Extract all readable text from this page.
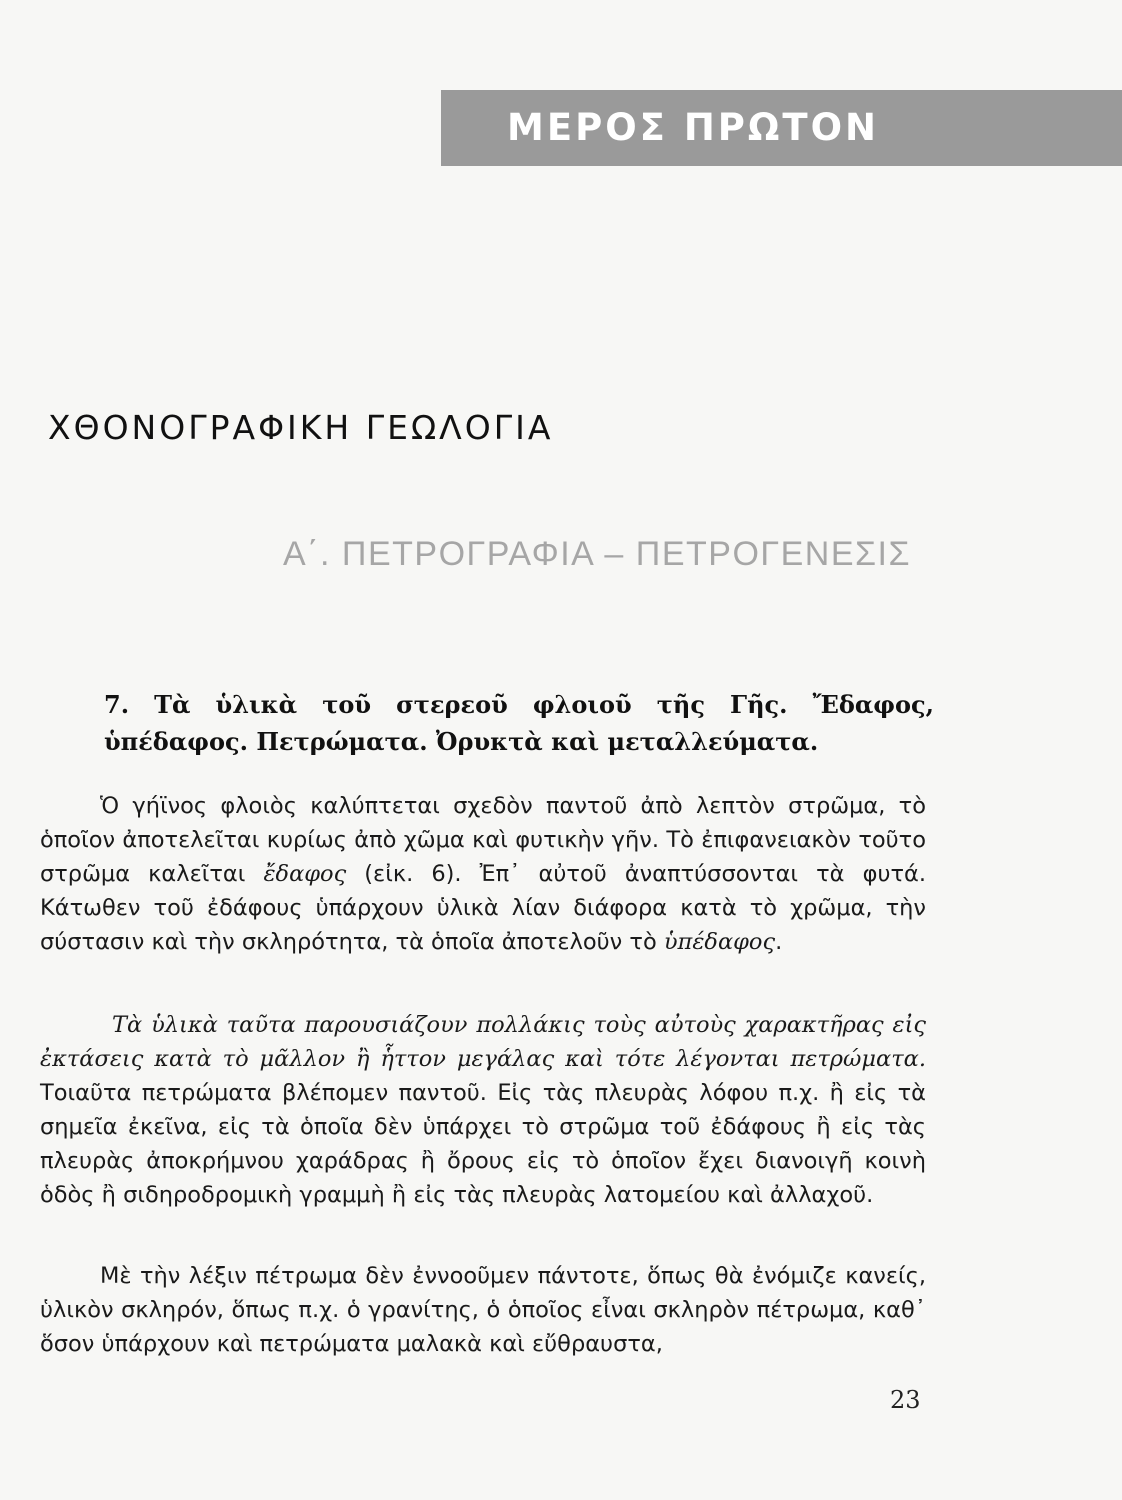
ΜΕΡΟΣ ΠΡΩΤΟΝ
ΧΘΟΝΟΓΡΑΦΙΚΗ ΓΕΩΛΟΓΙΑ
Α΄. ΠΕΤΡΟΓΡΑΦΙΑ – ΠΕΤΡΟΓΕΝΕΣΙΣ
7. Τὰ ὑλικὰ τοῦ στερεοῦ φλοιοῦ τῆς Γῆς. Ἔδαφος, ὑπέδαφος. Πετρώματα. Ὀρυκτὰ καὶ μεταλλεύματα.

Ὁ γήϊνος φλοιὸς καλύπτεται σχεδὸν παντοῦ ἀπὸ λεπτὸν στρῶμα, τὸ ὁποῖον ἀποτελεῖται κυρίως ἀπὸ χῶμα καὶ φυτικὴν γῆν. Τὸ ἐπιφανειακὸν τοῦτο στρῶμα καλεῖται ἔδαφος (εἰκ. 6). Ἐπ᾽ αὐτοῦ ἀναπτύσσονται τὰ φυτά. Κάτωθεν τοῦ ἐδάφους ὑπάρχουν ὑλικὰ λίαν διάφορα κατὰ τὸ χρῶμα, τὴν σύστασιν καὶ τὴν σκληρότητα, τὰ ὁποῖα ἀποτελοῦν τὸ ὑπέδαφος.

Τὰ ὑλικὰ ταῦτα παρουσιάζουν πολλάκις τοὺς αὐτοὺς χαρακτῆρας εἰς ἐκτάσεις κατὰ τὸ μᾶλλον ἢ ἧττον μεγάλας καὶ τότε λέγονται πετρώματα. Τοιαῦτα πετρώματα βλέπομεν παντοῦ. Εἰς τὰς πλευρὰς λόφου π.χ. ἢ εἰς τὰ σημεῖα ἐκεῖνα, εἰς τὰ ὁποῖα δὲν ὑπάρχει τὸ στρῶμα τοῦ ἐδάφους ἢ εἰς τὰς πλευρὰς ἀποκρήμνου χαράδρας ἢ ὄρους εἰς τὸ ὁποῖον ἔχει διανοιγῆ κοινὴ ὁδὸς ἢ σιδηροδρομικὴ γραμμὴ ἢ εἰς τὰς πλευρὰς λατομείου καὶ ἀλλαχοῦ.

Μὲ τὴν λέξιν πέτρωμα δὲν ἐννοοῦμεν πάντοτε, ὅπως θὰ ἐνόμιζε κανείς, ὑλικὸν σκληρόν, ὅπως π.χ. ὁ γρανίτης, ὁ ὁποῖος εἶναι σκληρὸν πέτρωμα, καθ᾽ ὅσον ὑπάρχουν καὶ πετρώματα μαλακὰ καὶ εὔθραυστα,

23
